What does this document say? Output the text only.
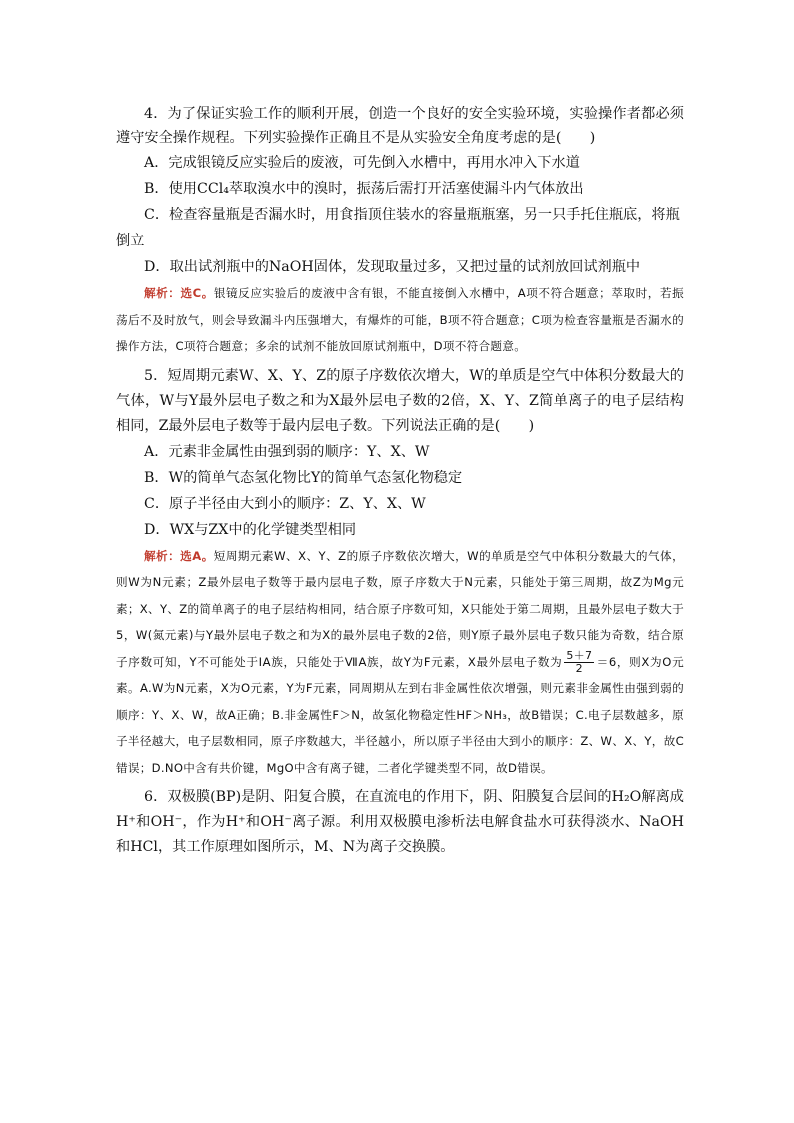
4．为了保证实验工作的顺利开展，创造一个良好的安全实验环境，实验操作者都必须遵守安全操作规程。下列实验操作正确且不是从实验安全角度考虑的是(　　)

A．完成银镜反应实验后的废液，可先倒入水槽中，再用水冲入下水道

B．使用CCl₄萃取溴水中的溴时，振荡后需打开活塞使漏斗内气体放出

C．检查容量瓶是否漏水时，用食指顶住装水的容量瓶瓶塞，另一只手托住瓶底，将瓶倒立

D．取出试剂瓶中的NaOH固体，发现取量过多，又把过量的试剂放回试剂瓶中

解析：选C。银镜反应实验后的废液中含有银，不能直接倒入水槽中，A项不符合题意；萃取时，若振荡后不及时放气，则会导致漏斗内压强增大，有爆炸的可能，B项不符合题意；C项为检查容量瓶是否漏水的操作方法，C项符合题意；多余的试剂不能放回原试剂瓶中，D项不符合题意。

5．短周期元素W、X、Y、Z的原子序数依次增大，W的单质是空气中体积分数最大的气体，W与Y最外层电子数之和为X最外层电子数的2倍，X、Y、Z简单离子的电子层结构相同，Z最外层电子数等于最内层电子数。下列说法正确的是(　　)

A．元素非金属性由强到弱的顺序：Y、X、W

B．W的简单气态氢化物比Y的简单气态氢化物稳定

C．原子半径由大到小的顺序：Z、Y、X、W

D．WX与ZX中的化学键类型相同

解析：选A。短周期元素W、X、Y、Z的原子序数依次增大，W的单质是空气中体积分数最大的气体，则W为N元素；Z最外层电子数等于最内层电子数，原子序数大于N元素，只能处于第三周期，故Z为Mg元素；X、Y、Z的简单离子的电子层结构相同，结合原子序数可知，X只能处于第二周期，且最外层电子数大于5，W(氮元素)与Y最外层电子数之和为X的最外层电子数的2倍，则Y原子最外层电子数只能为奇数，结合原子序数可知，Y不可能处于ⅠA族，只能处于ⅦA族，故Y为F元素，X最外层电子数为 $\frac{5+7}{2} =6$，则X为O元素。A.W为N元素，X为O元素，Y为F元素，同周期从左到右非金属性依次增强，则元素非金属性由强到弱的顺序：Y、X、W，故A正确；B.非金属性F＞N，故氢化物稳定性HF＞NH₃，故B错误；C.电子层数越多，原子半径越大，电子层数相同，原子序数越大，半径越小，所以原子半径由大到小的顺序：Z、W、X、Y，故C错误；D.NO中含有共价键，MgO中含有离子键，二者化学键类型不同，故D错误。

6．双极膜(BP)是阴、阳复合膜，在直流电的作用下，阴、阳膜复合层间的H₂O解离成H⁺和OH⁻，作为H⁺和OH⁻离子源。利用双极膜电渗析法电解食盐水可获得淡水、NaOH和HCl，其工作原理如图所示，M、N为离子交换膜。
